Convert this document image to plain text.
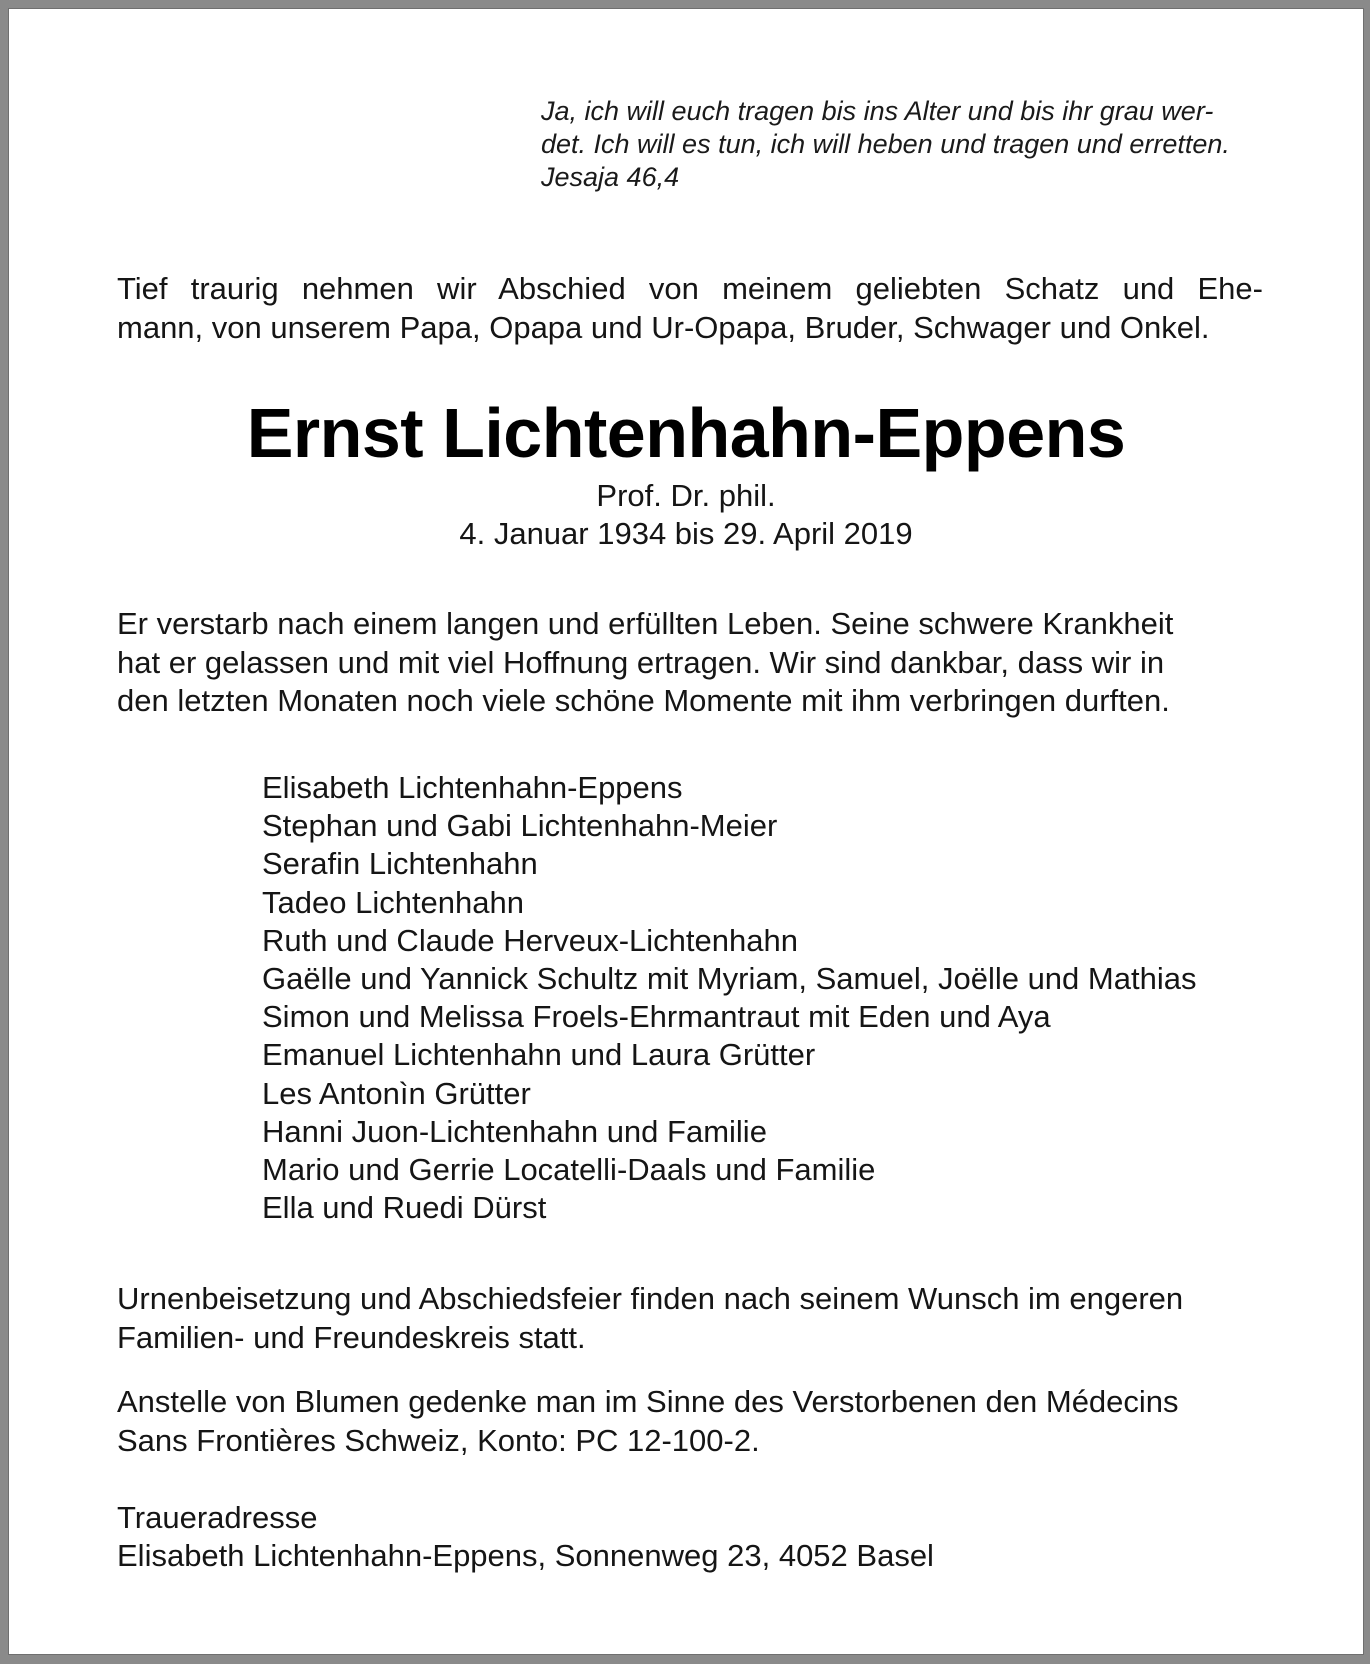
Ja, ich will euch tragen bis ins Alter und bis ihr grau wer-
det. Ich will es tun, ich will heben und tragen und erretten.
Jesaja 46,4
Tief traurig nehmen wir Abschied von meinem geliebten Schatz und Ehe-
mann, von unserem Papa, Opapa und Ur-Opapa, Bruder, Schwager und Onkel.
Ernst Lichtenhahn-Eppens
Prof. Dr. phil.
4. Januar 1934 bis 29. April 2019
Er verstarb nach einem langen und erfüllten Leben. Seine schwere Krankheit
hat er gelassen und mit viel Hoffnung ertragen. Wir sind dankbar, dass wir in
den letzten Monaten noch viele schöne Momente mit ihm verbringen durften.
Elisabeth Lichtenhahn-Eppens
Stephan und Gabi Lichtenhahn-Meier
Serafin Lichtenhahn
Tadeo Lichtenhahn
Ruth und Claude Herveux-Lichtenhahn
Gaëlle und Yannick Schultz mit Myriam, Samuel, Joëlle und Mathias
Simon und Melissa Froels-Ehrmantraut mit Eden und Aya
Emanuel Lichtenhahn und Laura Grütter
Les Antonìn Grütter
Hanni Juon-Lichtenhahn und Familie
Mario und Gerrie Locatelli-Daals und Familie
Ella und Ruedi Dürst
Urnenbeisetzung und Abschiedsfeier finden nach seinem Wunsch im engeren
Familien- und Freundeskreis statt.
Anstelle von Blumen gedenke man im Sinne des Verstorbenen den Médecins
Sans Frontières Schweiz, Konto: PC 12-100-2.
Traueradresse
Elisabeth Lichtenhahn-Eppens, Sonnenweg 23, 4052 Basel
